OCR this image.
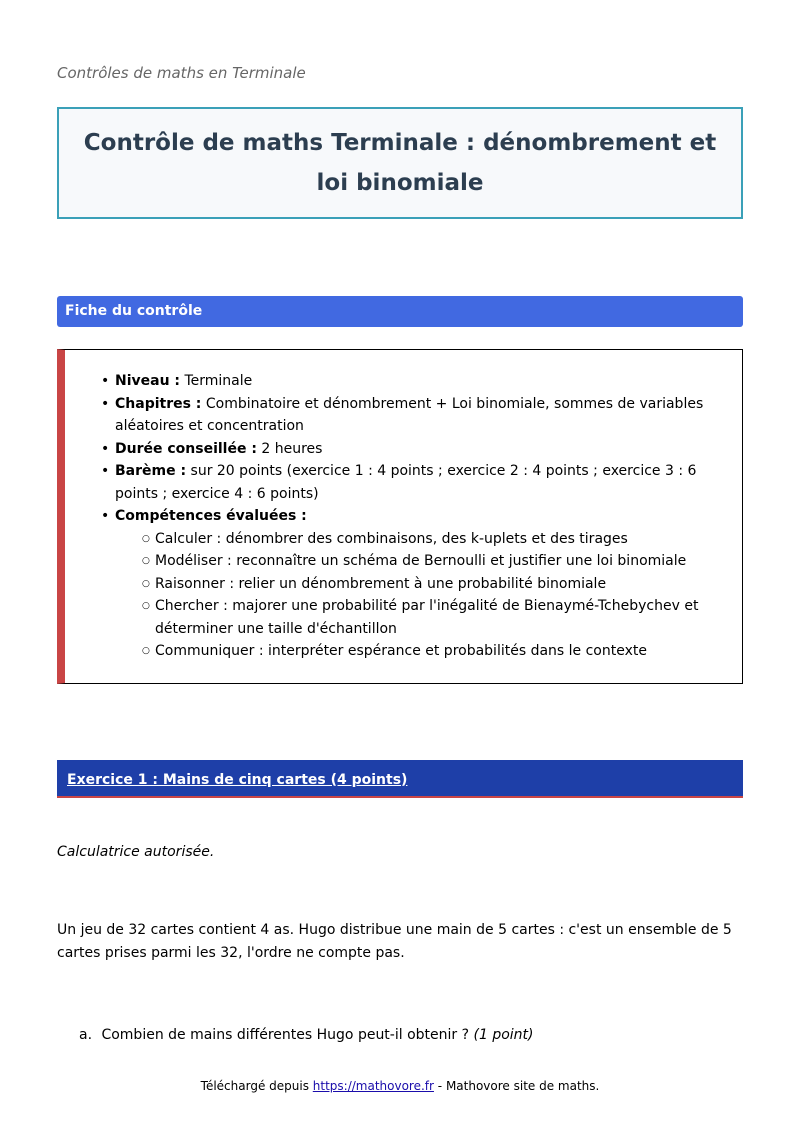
Contrôles de maths en Terminale
Contrôle de maths Terminale : dénombrement et loi binomiale
Fiche du contrôle
• Niveau : Terminale
• Chapitres : Combinatoire et dénombrement + Loi binomiale, sommes de variables aléatoires et concentration
• Durée conseillée : 2 heures
• Barème : sur 20 points (exercice 1 : 4 points ; exercice 2 : 4 points ; exercice 3 : 6 points ; exercice 4 : 6 points)
• Compétences évaluées :
○ Calculer : dénombrer des combinaisons, des k-uplets et des tirages
○ Modéliser : reconnaître un schéma de Bernoulli et justifier une loi binomiale
○ Raisonner : relier un dénombrement à une probabilité binomiale
○ Chercher : majorer une probabilité par l'inégalité de Bienaymé-Tchebychev et déterminer une taille d'échantillon
○ Communiquer : interpréter espérance et probabilités dans le contexte
Exercice 1 : Mains de cinq cartes (4 points)
Calculatrice autorisée.
Un jeu de 32 cartes contient 4 as. Hugo distribue une main de 5 cartes : c'est un ensemble de 5 cartes prises parmi les 32, l'ordre ne compte pas.
a. Combien de mains différentes Hugo peut-il obtenir ? (1 point)
Téléchargé depuis https://mathovore.fr - Mathovore site de maths.
